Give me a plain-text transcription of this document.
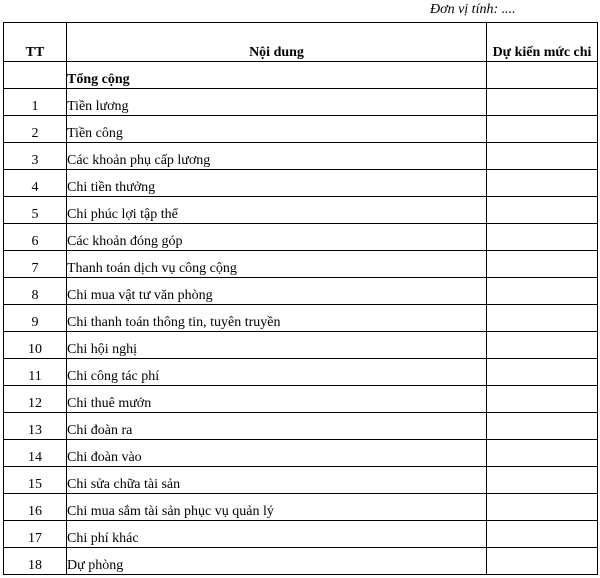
Đơn vị tính: ....
TT	Nội dung	Dự kiến mức chi
	Tổng cộng	
1	Tiền lương	
2	Tiền công	
3	Các khoản phụ cấp lương	
4	Chi tiền thưởng	
5	Chi phúc lợi tập thể	
6	Các khoản đóng góp	
7	Thanh toán dịch vụ công cộng	
8	Chi mua vật tư văn phòng	
9	Chi thanh toán thông tin, tuyên truyền	
10	Chi hội nghị	
11	Chi công tác phí	
12	Chi thuê mướn	
13	Chi đoàn ra	
14	Chi đoàn vào	
15	Chi sửa chữa tài sản	
16	Chi mua sắm tài sản phục vụ quản lý	
17	Chi phí khác	
18	Dự phòng	
